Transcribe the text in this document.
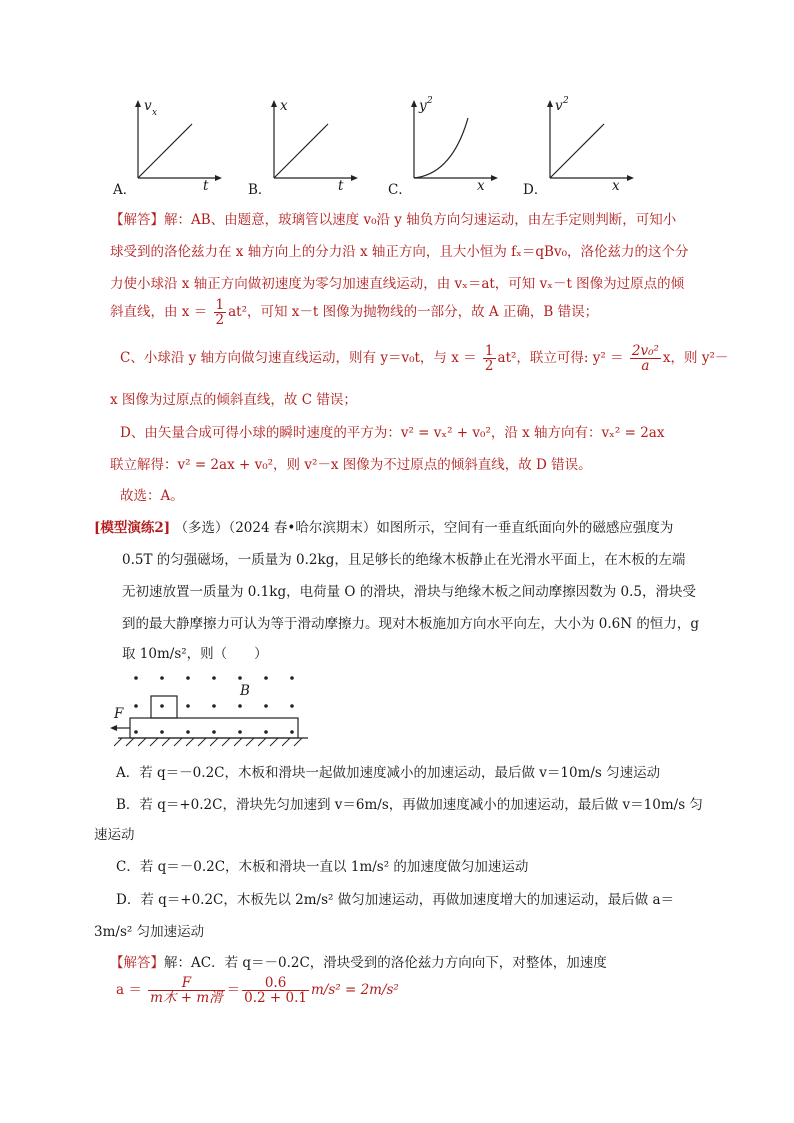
v x
t
A．
x
t
B．
y 2
x
C．
v 2
x
D．
【解答】解：AB、由题意，玻璃管以速度 v₀沿 y 轴负方向匀速运动，由左手定则判断，可知小
球受到的洛伦兹力在 x 轴方向上的分力沿 x 轴正方向，且大小恒为 fₓ＝qBv₀，洛伦兹力的这个分
力使小球沿 x 轴正方向做初速度为零匀加速直线运动，由 vₓ＝at，可知 vₓ－t 图像为过原点的倾
斜直线，由 $x = \frac{1}{2} at^2$，可知 x－t 图像为抛物线的一部分，故 A 正确，B 错误；
C、小球沿 y 轴方向做匀速直线运动，则有 y＝v₀t，与 $x = \frac{1}{2} at^2$，联立可得: $y^2 = \frac{\text{2v₀²}}{a}$ x，则 y²－
x 图像为过原点的倾斜直线，故 C 错误；
D、由矢量合成可得小球的瞬时速度的平方为：v² = vₓ² + v₀²，沿 x 轴方向有：vₓ² = 2ax
联立解得：v² = 2ax + v₀²，则 v²－x 图像为不过原点的倾斜直线，故 D 错误。
故选：A。
[模型演练2] （多选）（2024 春•哈尔滨期末）如图所示，空间有一垂直纸面向外的磁感应强度为
0.5T 的匀强磁场，一质量为 0.2kg，且足够长的绝缘木板静止在光滑水平面上，在木板的左端
无初速放置一质量为 0.1kg，电荷量 O 的滑块，滑块与绝缘木板之间动摩擦因数为 0.5，滑块受
到的最大静摩擦力可认为等于滑动摩擦力。现对木板施加方向水平向左，大小为 0.6N 的恒力，g
取 10m/s²，则（　　）
F
B
A．若 q＝－0.2C，木板和滑块一起做加速度减小的加速运动，最后做 v＝10m/s 匀速运动
B．若 q＝+0.2C，滑块先匀加速到 v＝6m/s，再做加速度减小的加速运动，最后做 v＝10m/s 匀
速运动
C．若 q＝－0.2C，木板和滑块一直以 1m/s² 的加速度做匀加速运动
D．若 q＝+0.2C，木板先以 2m/s² 做匀加速运动，再做加速度增大的加速运动，最后做 a＝
3m/s² 匀加速运动
【解答】解：AC．若 q＝－0.2C，滑块受到的洛伦兹力方向向下，对整体，加速度
$a = \frac{F}{\text{m木 + m滑}} = \frac{0.6}{0.2 + 0.1} m/s^2 = 2m/s^2$
